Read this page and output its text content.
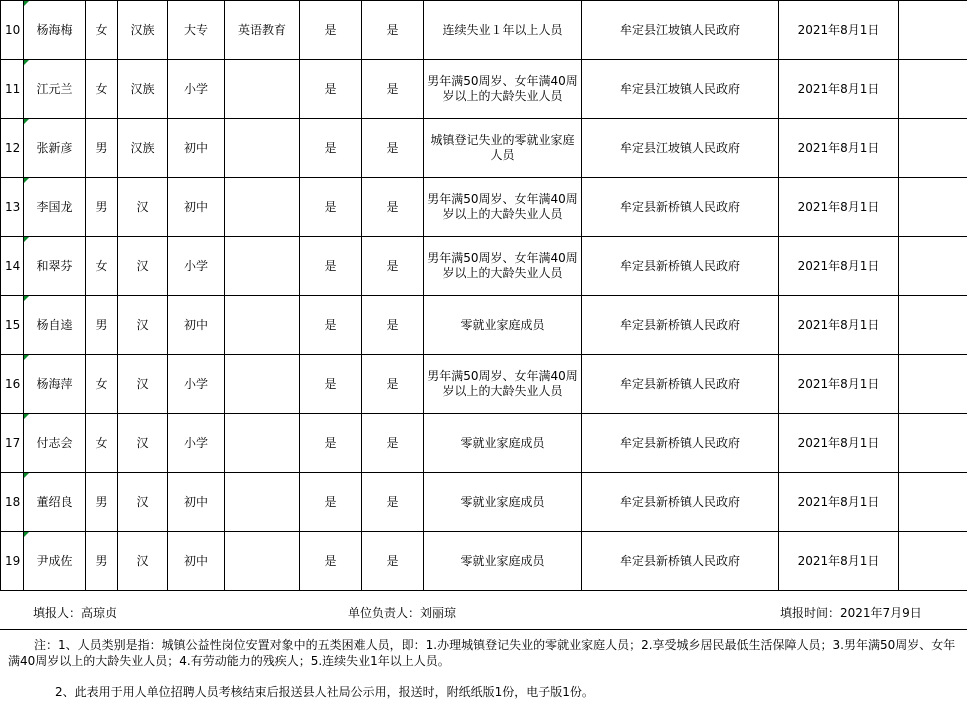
10	杨海梅	女	汉族	大专	英语教育	是	是	连续失业１年以上人员	牟定县江坡镇人民政府	2021年8月1日	
11	江元兰	女	汉族	小学		是	是	男年满50周岁、女年满40周岁以上的大龄失业人员	牟定县江坡镇人民政府	2021年8月1日	
12	张新彦	男	汉族	初中		是	是	城镇登记失业的零就业家庭人员	牟定县江坡镇人民政府	2021年8月1日	
13	李国龙	男	汉	初中		是	是	男年满50周岁、女年满40周岁以上的大龄失业人员	牟定县新桥镇人民政府	2021年8月1日	
14	和翠芬	女	汉	小学		是	是	男年满50周岁、女年满40周岁以上的大龄失业人员	牟定县新桥镇人民政府	2021年8月1日	
15	杨自逵	男	汉	初中		是	是	零就业家庭成员	牟定县新桥镇人民政府	2021年8月1日	
16	杨海萍	女	汉	小学		是	是	男年满50周岁、女年满40周岁以上的大龄失业人员	牟定县新桥镇人民政府	2021年8月1日	
17	付志会	女	汉	小学		是	是	零就业家庭成员	牟定县新桥镇人民政府	2021年8月1日	
18	董绍良	男	汉	初中		是	是	零就业家庭成员	牟定县新桥镇人民政府	2021年8月1日	
19	尹成佐	男	汉	初中		是	是	零就业家庭成员	牟定县新桥镇人民政府	2021年8月1日	
填报人：高琼贞	单位负责人：刘丽琼	填报时间：2021年7月9日
注：1、人员类别是指：城镇公益性岗位安置对象中的五类困难人员，即：1.办理城镇登记失业的零就业家庭人员；2.享受城乡居民最低生活保障人员；3.男年满50周岁、女年满40周岁以上的大龄失业人员；4.有劳动能力的残疾人；5.连续失业1年以上人员。
2、此表用于用人单位招聘人员考核结束后报送县人社局公示用，报送时，附纸纸版1份，电子版1份。
